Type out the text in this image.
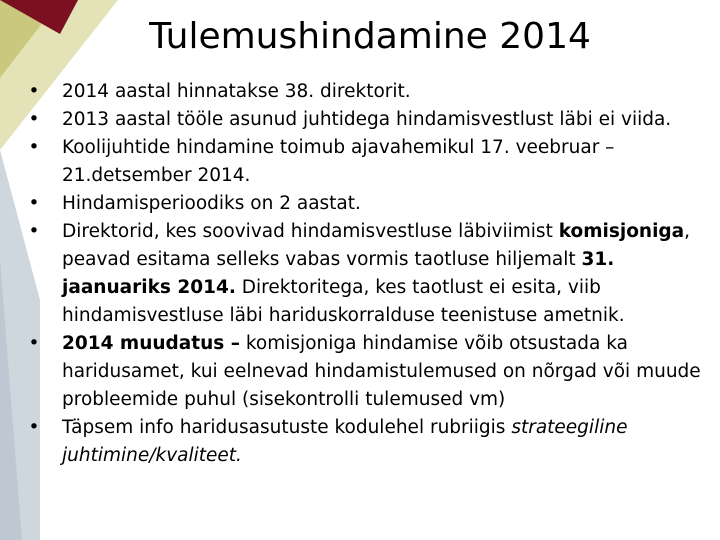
Tulemushindamine 2014
• 2014 aastal hinnatakse 38. direktorit.
• 2013 aastal tööle asunud juhtidega hindamisvestlust läbi ei viida.
• Koolijuhtide hindamine toimub ajavahemikul 17. veebruar – 21.detsember 2014.
• Hindamisperioodiks on 2 aastat.
• Direktorid, kes soovivad hindamisvestluse läbiviimist komisjoniga, peavad esitama selleks vabas vormis taotluse hiljemalt 31. jaanuariks 2014. Direktoritega, kes taotlust ei esita, viib hindamisvestluse läbi hariduskorralduse teenistuse ametnik.
• 2014 muudatus – komisjoniga hindamise võib otsustada ka haridusamet, kui eelnevad hindamistulemused on nõrgad või muude probleemide puhul (sisekontrolli tulemused vm)
• Täpsem info haridusasutuste kodulehel rubriigis strateegiline juhtimine/kvaliteet.
